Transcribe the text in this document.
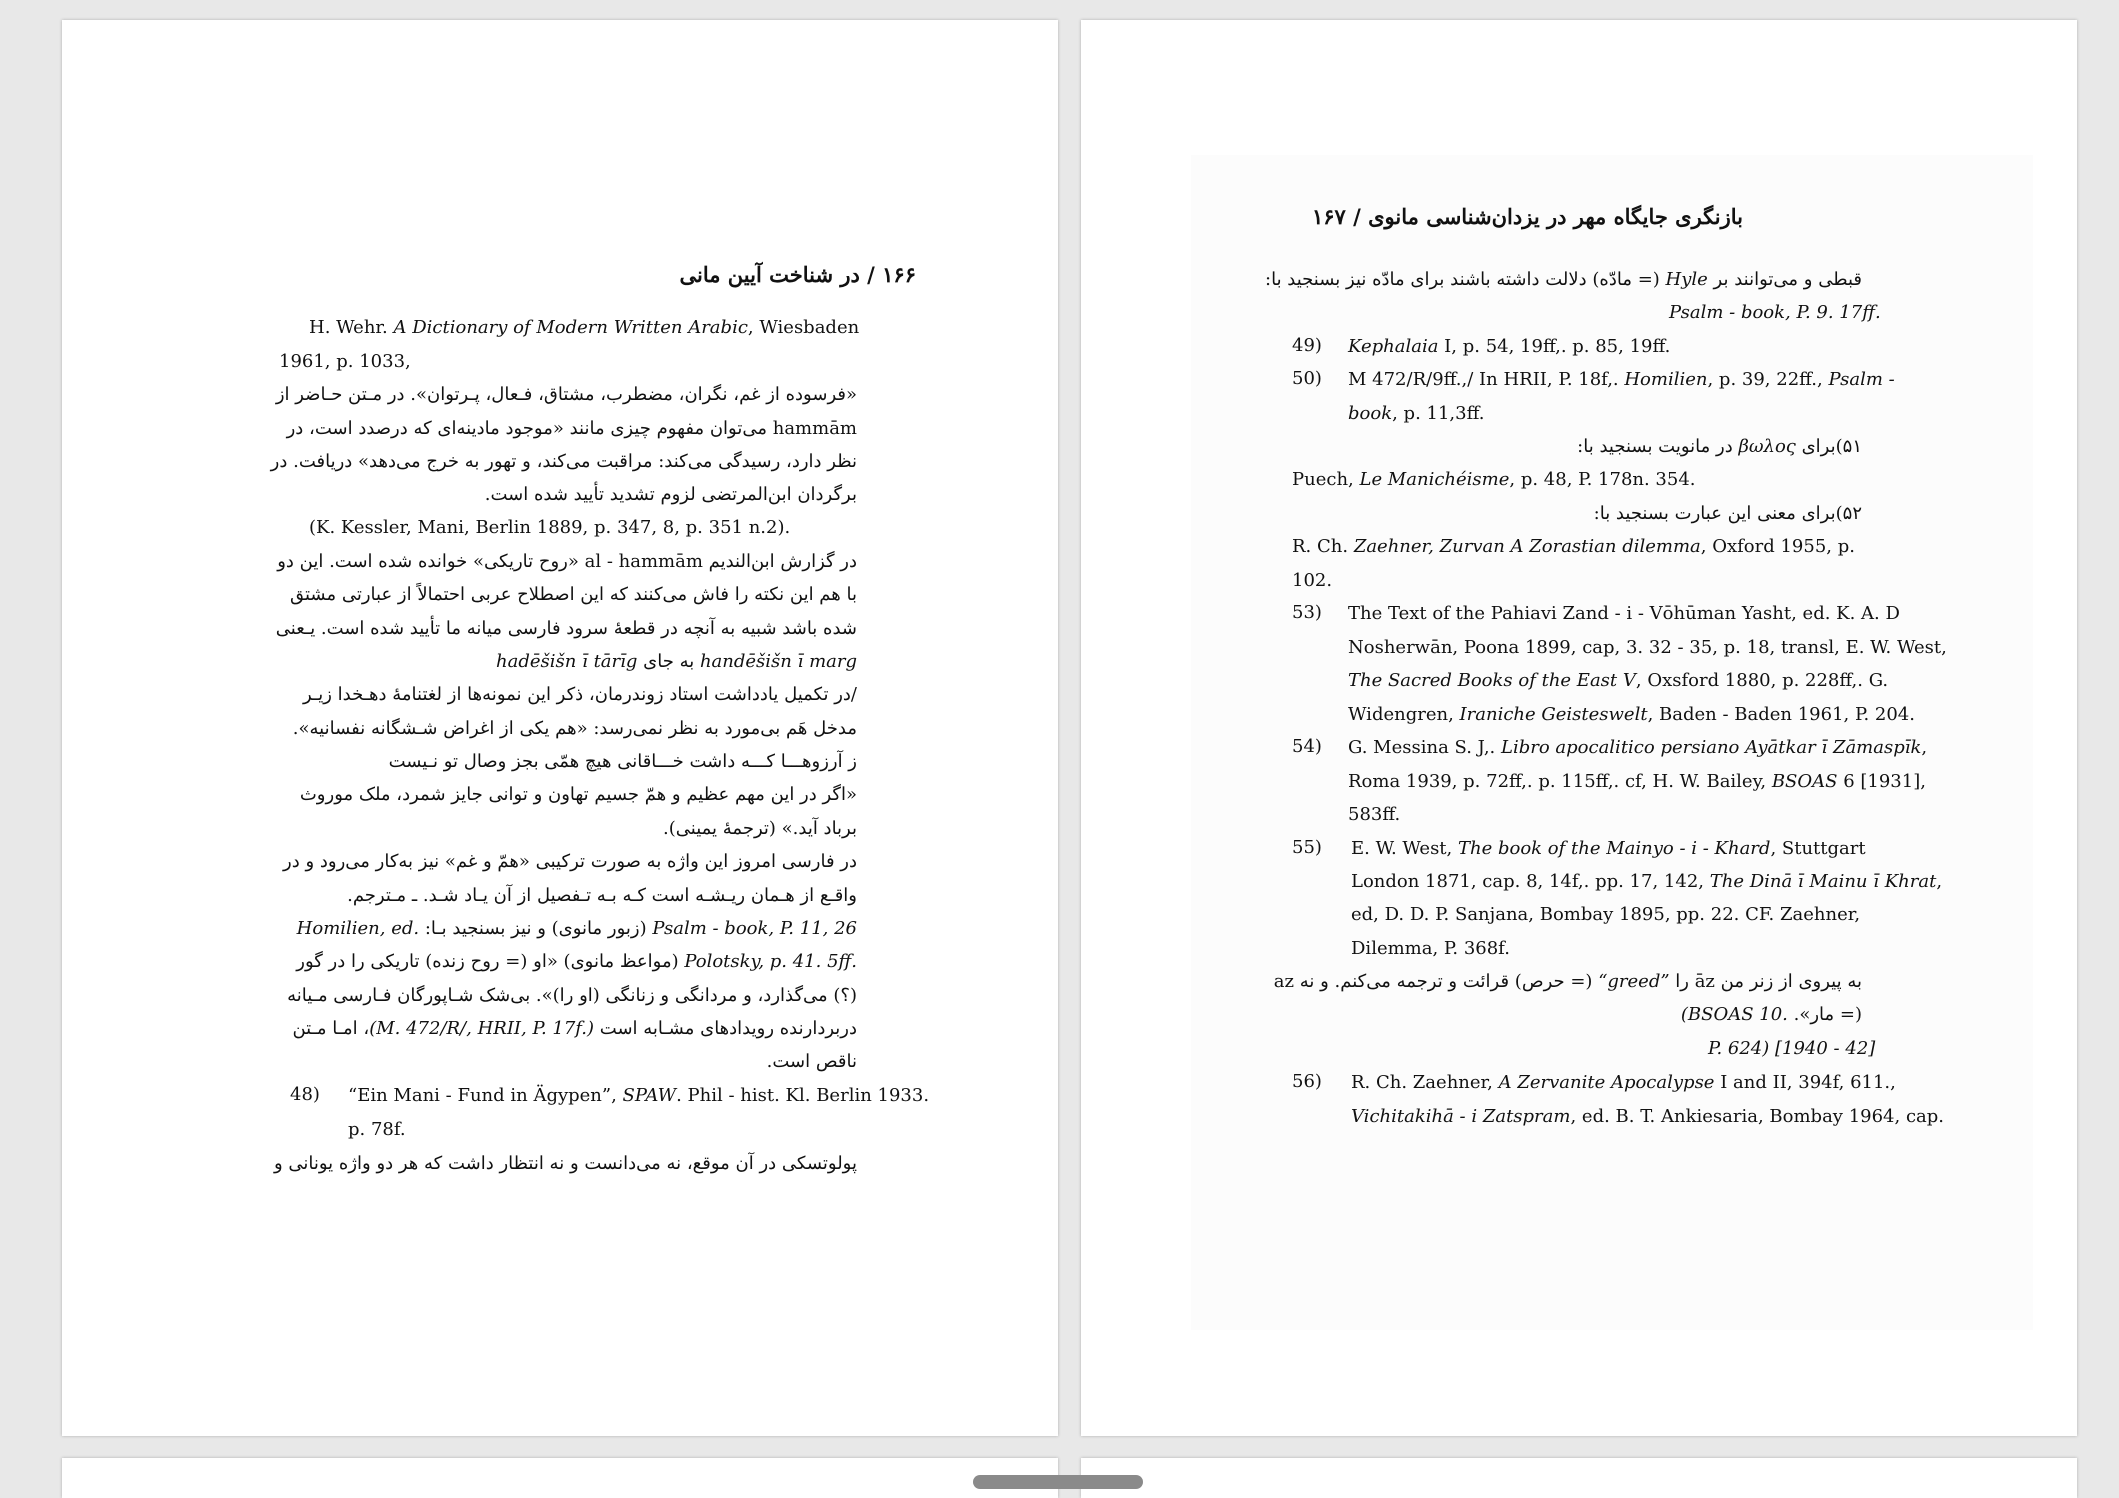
۱۶۶ / در شناخت آیین مانی
بازنگری جایگاه مهر در یزدان‌شناسی مانوی / ۱۶۷
H. Wehr. A Dictionary of Modern Written Arabic, Wiesbaden
1961, p. 1033,
«فرسوده از غم، نگران، مضطرب، مشتاق، فـعال، پـرتوان». در مـتن حـاضر از
hammām می‌توان مفهوم چیزی مانند «موجود مادینه‌ای که درصدد است، در
نظر دارد، رسیدگی می‌کند: مراقبت می‌کند، و تهور به خرج می‌دهد» دریافت. در
برگردان ابن‌المرتضی لزوم تشدید تأیید شده است.
(K. Kessler, Mani, Berlin 1889, p. 347, 8, p. 351 n.2).
در گزارش ابن‌الندیم al - hammām «روح تاریکی» خوانده شده است. این دو
با هم این نکته را فاش می‌کنند که این اصطلاح عربی احتمالاً از عبارتی مشتق
شده باشد شبیه به آنچه در قطعهٔ سرود فارسی میانه ما تأیید شده است. یـعنی
handēšišn ī marg به جای hadēšišn ī tārīg
/در تکمیل یادداشت استاد زوندرمان، ذکر این نمونه‌ها از لغتنامهٔ دهـخدا زیـر
مدخل هَم بی‌مورد به نظر نمی‌رسد: «هم یکی از اغراض شـشگانه نفسانیه».
ز آرزوهـــا کـــه داشت خـــاقانی هیچ همّی بجز وصال تو نـیست
«اگر در این مهم عظیم و همّ جسیم تهاون و توانی جایز شمرد، ملک موروث
برباد آید.» (ترجمهٔ یمینی).
در فارسی امروز این واژه به صورت ترکیبی «همّ و غم» نیز به‌کار می‌رود و در
واقـع از هـمان ریـشـه است کـه بـه تـفصیل از آن یـاد شـد. ـ مـترجم.
Psalm - book, P. 11, 26 (زبور مانوی) و نیز بسنجید بـا: Homilien, ed.
Polotsky, p. 41. 5ff. (مواعظ مانوی) «او (= روح زنده) تاریکی را در گور
(؟) می‌گذارد، و مردانگی و زنانگی (او را)». بی‌شک شـاپورگان فـارسی مـیانه
دربردارنده رویدادهای مشـابه است (M. 472/R/, HRII, P. 17f.)، امـا مـتن
ناقص است.
“Ein Mani - Fund in Ägypen”, SPAW. Phil - hist. Kl. Berlin 1933.
p. 78f.
پولوتسکی در آن موقع، نه می‌دانست و نه انتظار داشت که هر دو واژه یونانی و
48)
قبطی و می‌توانند بر Hyle (= مادّه) دلالت داشته باشند برای مادّه نیز بسنجید با:
Psalm - book, P. 9. 17ff.
Kephalaia I, p. 54, 19ff,. p. 85, 19ff.
M 472/R/9ff.,/ In HRII, P. 18f,. Homilien, p. 39, 22ff., Psalm -
book, p. 11,3ff.
۵۱)برای βωλος در مانویت بسنجید با:
Puech, Le Manichéisme, p. 48, P. 178n. 354.
۵۲)برای معنی این عبارت بسنجید با:
R. Ch. Zaehner, Zurvan A Zorastian dilemma, Oxford 1955, p.
102.
The Text of the Pahiavi Zand - i - Vōhūman Yasht, ed. K. A. D
Nosherwān, Poona 1899, cap, 3. 32 - 35, p. 18, transl, E. W. West,
The Sacred Books of the East V, Oxsford 1880, p. 228ff,. G.
Widengren, Iraniche Geisteswelt, Baden - Baden 1961, P. 204.
G. Messina S. J,. Libro apocalitico persiano Ayātkar ī Zāmaspīk,
Roma 1939, p. 72ff,. p. 115ff,. cf, H. W. Bailey, BSOAS 6 [1931],
583ff.
E. W. West, The book of the Mainyo - i - Khard, Stuttgart
London 1871, cap. 8, 14f,. pp. 17, 142, The Dinā ī Mainu ī Khrat,
ed, D. D. P. Sanjana, Bombay 1895, pp. 22. CF. Zaehner,
Dilemma, P. 368f.
به پیروی از زنر من āz را “greed” (= حرص) قرائت و ترجمه می‌کنم. و نه az
(= مار». (BSOAS 10.
P. 624) [1940 - 42]
R. Ch. Zaehner, A Zervanite Apocalypse I and II, 394f, 611.,
Vichitakihā - i Zatspram, ed. B. T. Ankiesaria, Bombay 1964, cap.
49)
50)
53)
54)
55)
56)
